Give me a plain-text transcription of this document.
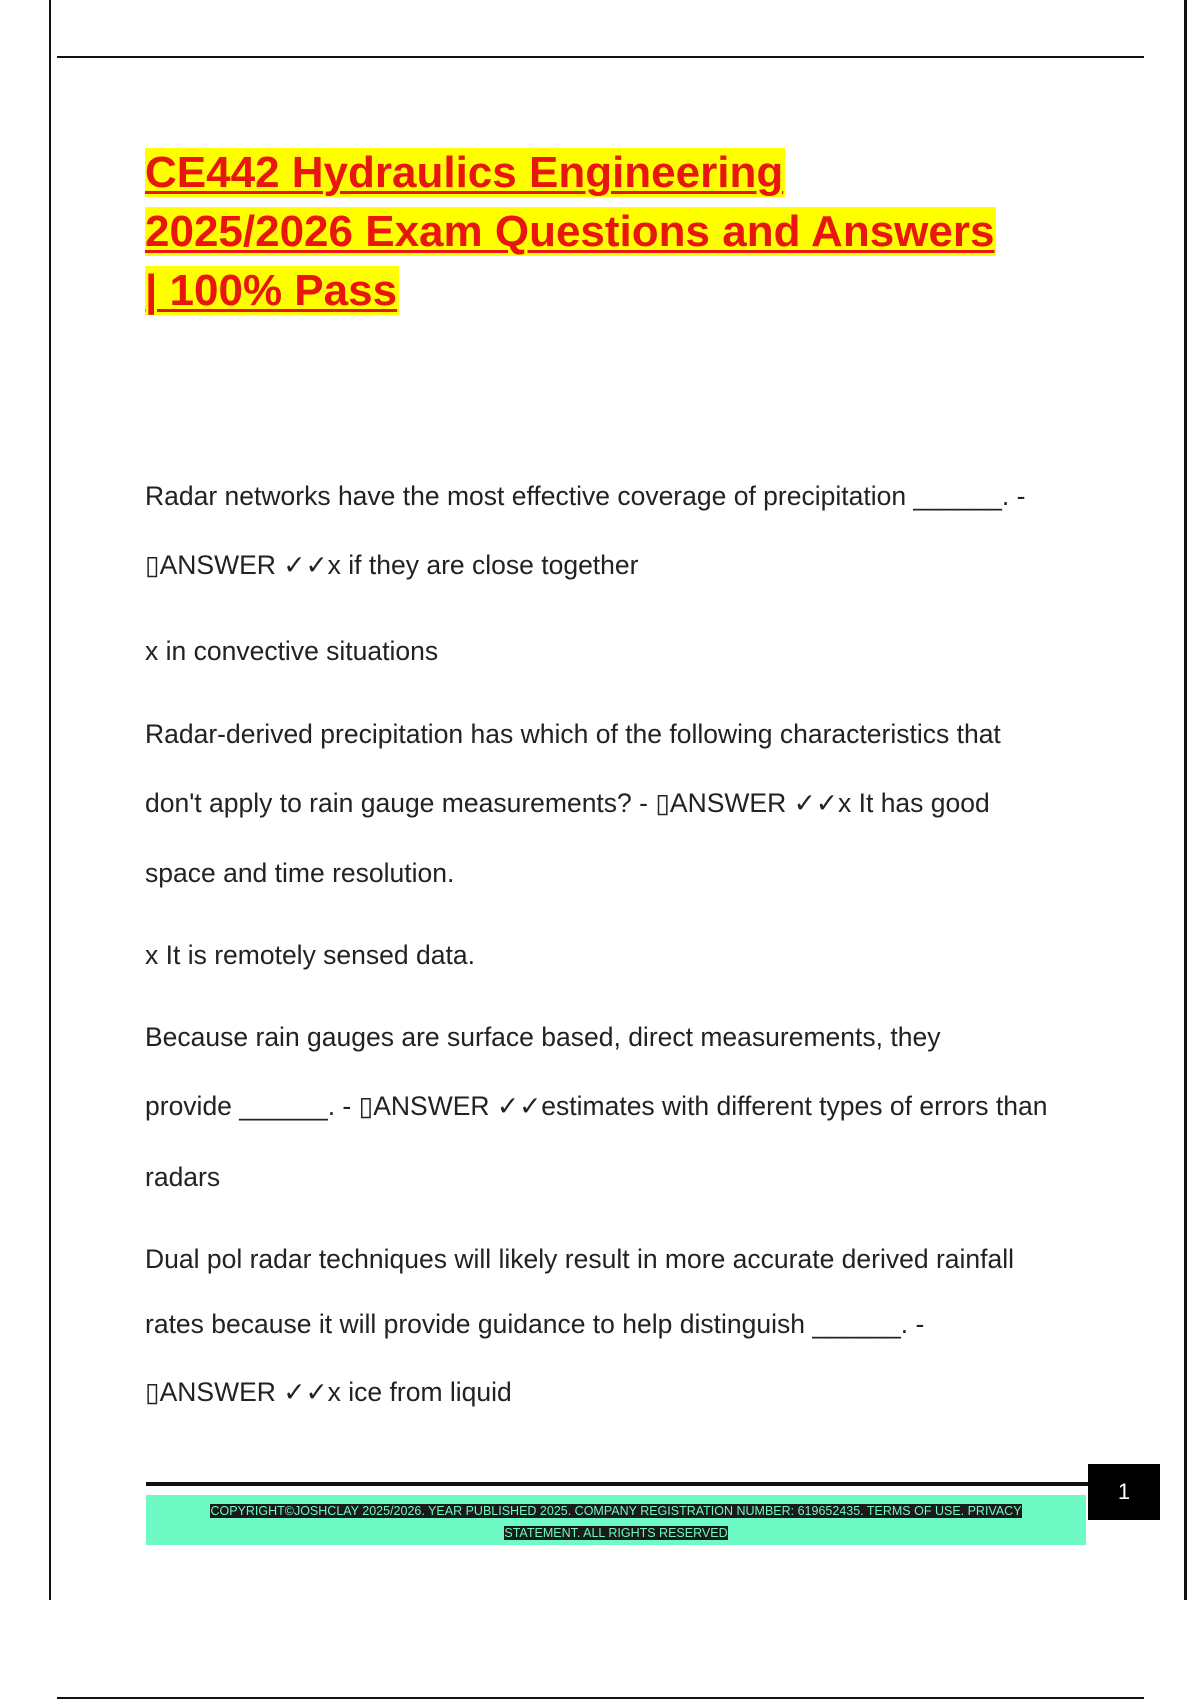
CE442 Hydraulics Engineering
2025/2026 Exam Questions and Answers
| 100% Pass
Radar networks have the most effective coverage of precipitation ______. -
▯ANSWER ✓✓x if they are close together
x in convective situations
Radar-derived precipitation has which of the following characteristics that
don't apply to rain gauge measurements? - ▯ANSWER ✓✓x It has good
space and time resolution.
x It is remotely sensed data.
Because rain gauges are surface based, direct measurements, they
provide ______. - ▯ANSWER ✓✓estimates with different types of errors than
radars
Dual pol radar techniques will likely result in more accurate derived rainfall
rates because it will provide guidance to help distinguish ______. -
▯ANSWER ✓✓x ice from liquid
1
COPYRIGHT©JOSHCLAY 2025/2026. YEAR PUBLISHED 2025. COMPANY REGISTRATION NUMBER: 619652435. TERMS OF USE. PRIVACY
STATEMENT. ALL RIGHTS RESERVED
